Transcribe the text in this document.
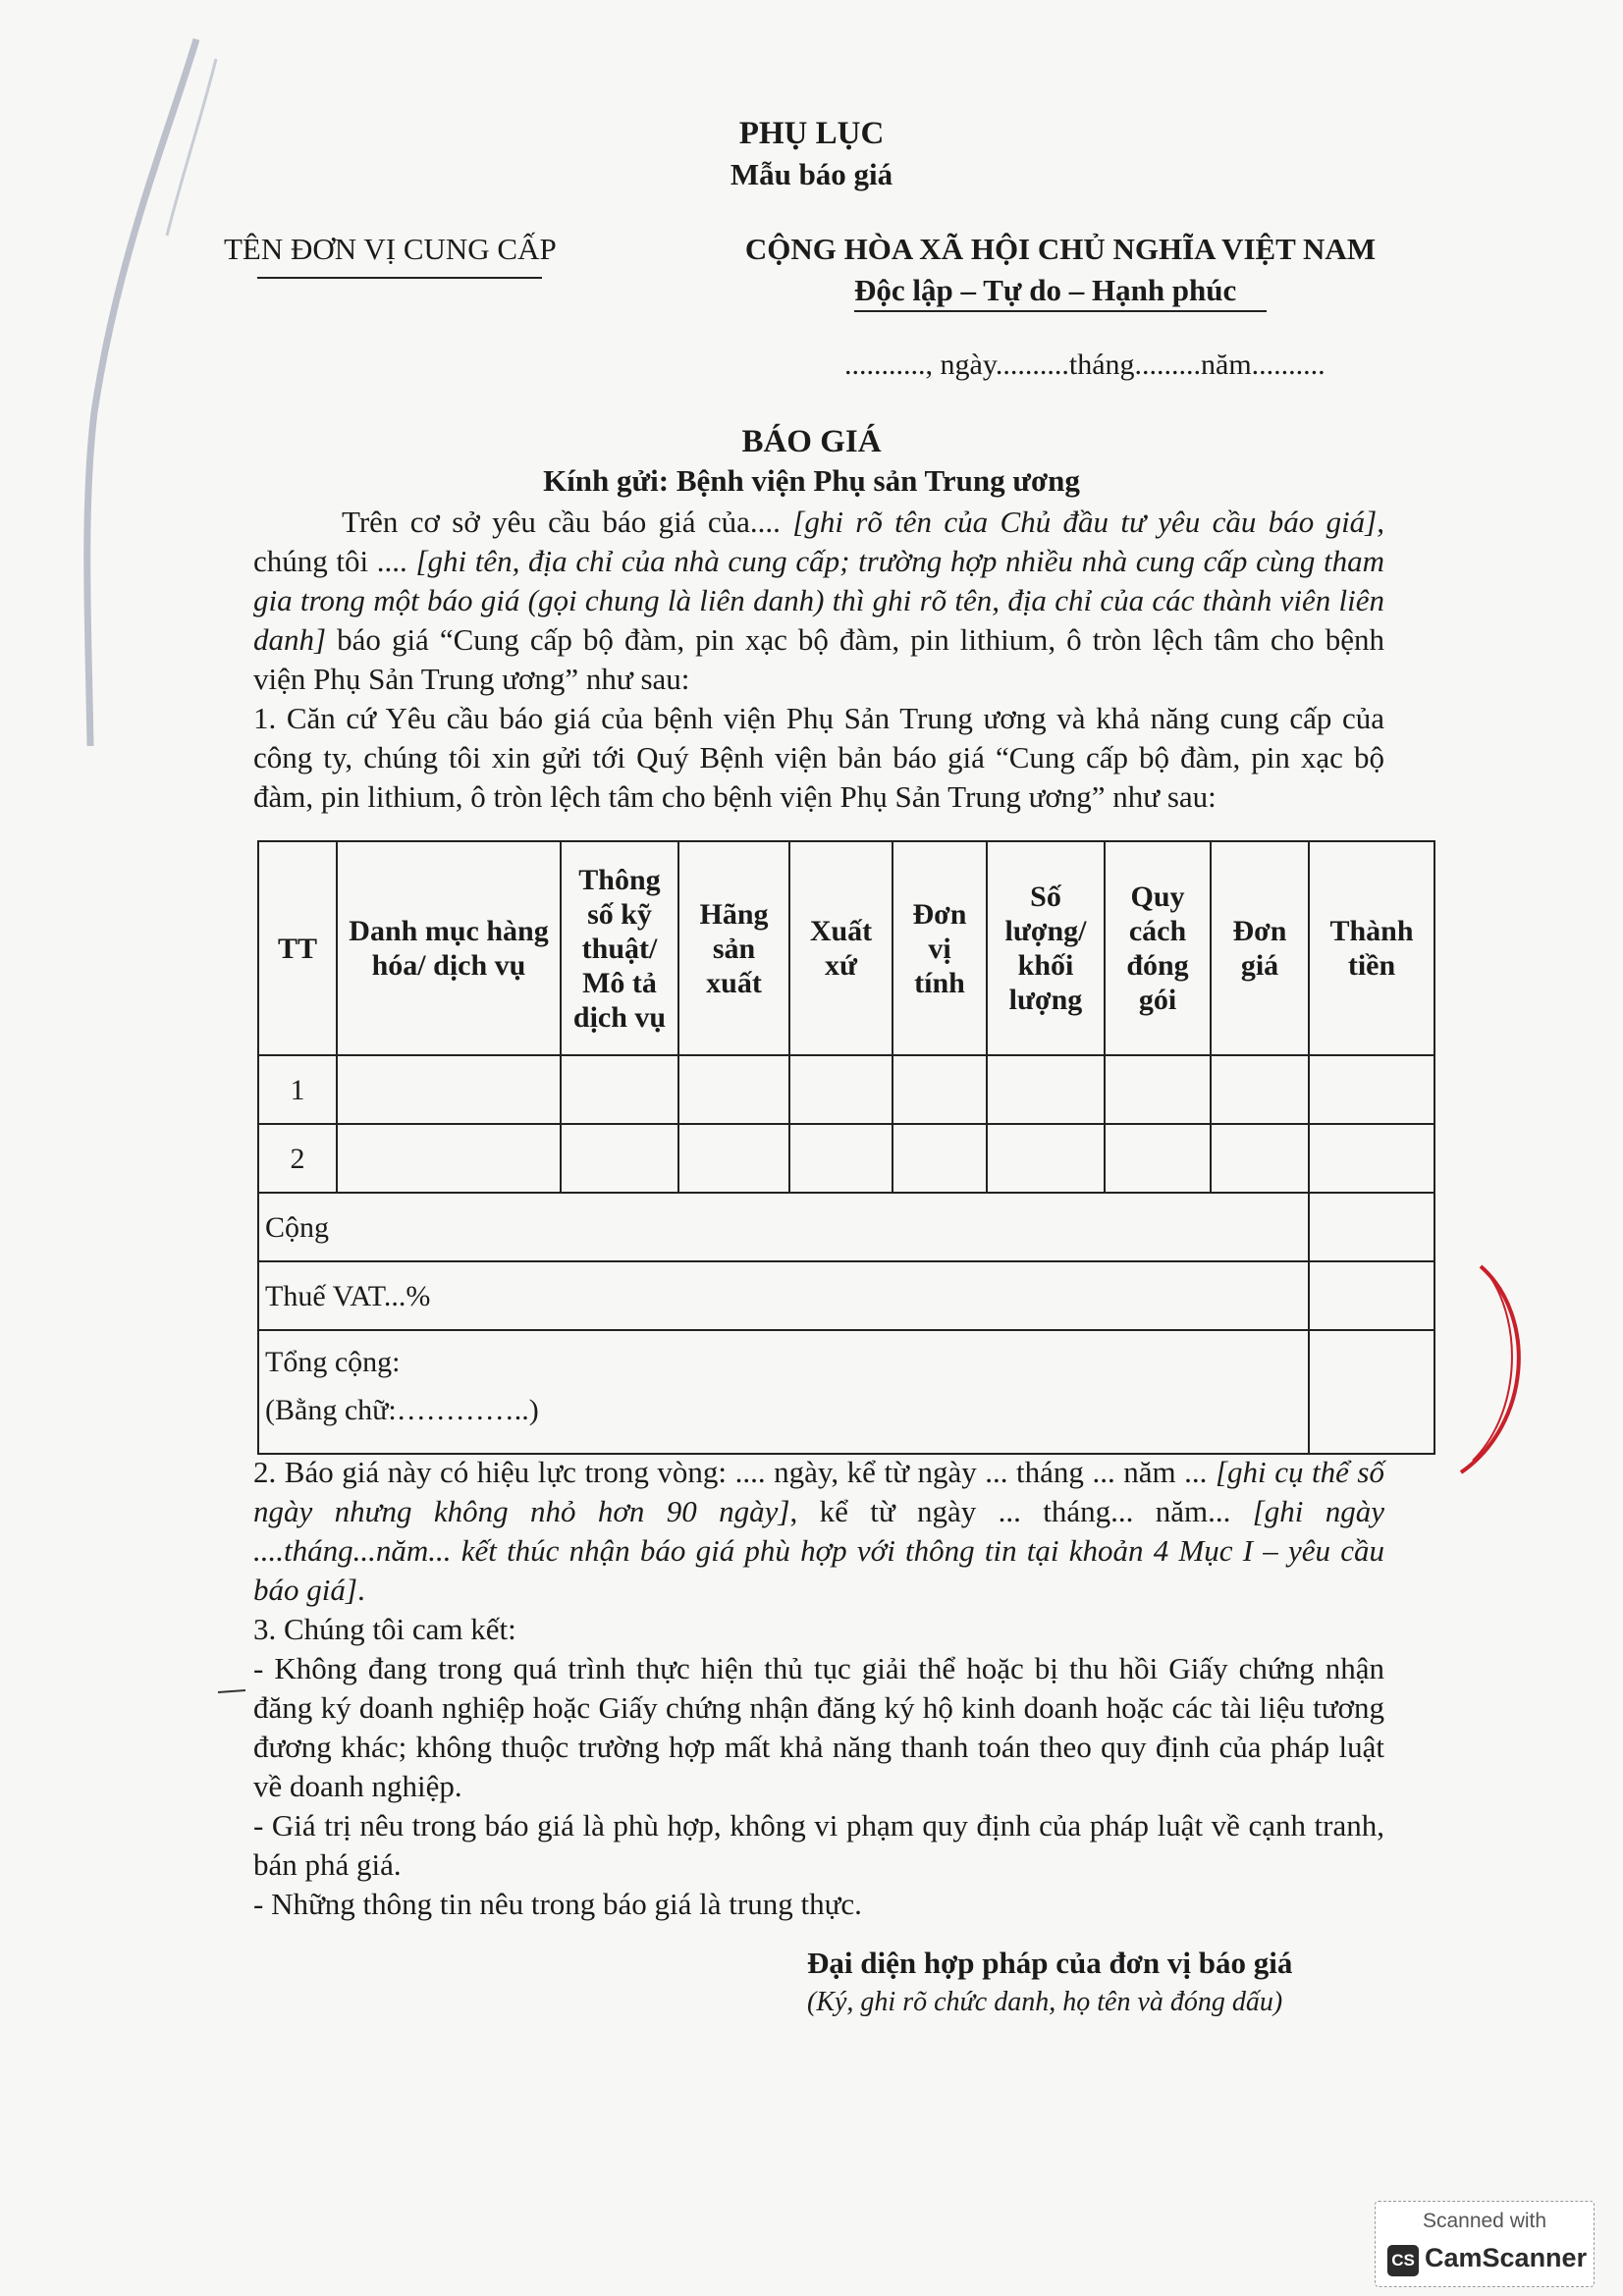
PHỤ LỤC
Mẫu báo giá
TÊN ĐƠN VỊ CUNG CẤP	CỘNG HÒA XÃ HỘI CHỦ NGHĨA VIỆT NAM
Độc lập – Tự do – Hạnh phúc
..........., ngày..........tháng.........năm..........
BÁO GIÁ
Kính gửi: Bệnh viện Phụ sản Trung ương
Trên cơ sở yêu cầu báo giá của.... [ghi rõ tên của Chủ đầu tư yêu cầu báo giá], chúng tôi .... [ghi tên, địa chỉ của nhà cung cấp; trường hợp nhiều nhà cung cấp cùng tham gia trong một báo giá (gọi chung là liên danh) thì ghi rõ tên, địa chỉ của các thành viên liên danh] báo giá “Cung cấp bộ đàm, pin xạc bộ đàm, pin lithium, ô tròn lệch tâm cho bệnh viện Phụ Sản Trung ương” như sau:
1. Căn cứ Yêu cầu báo giá của bệnh viện Phụ Sản Trung ương và khả năng cung cấp của công ty, chúng tôi xin gửi tới Quý Bệnh viện bản báo giá “Cung cấp bộ đàm, pin xạc bộ đàm, pin lithium, ô tròn lệch tâm cho bệnh viện Phụ Sản Trung ương” như sau:
TT	Danh mục hàng hóa/ dịch vụ	Thông số kỹ thuật/ Mô tả dịch vụ	Hãng sản xuất	Xuất xứ	Đơn vị tính	Số lượng/ khối lượng	Quy cách đóng gói	Đơn giá	Thành tiền
1									
2									
Cộng									
Thuế VAT...%									

Tổng cộng:
(Bằng chữ:…………..)									

2. Báo giá này có hiệu lực trong vòng: .... ngày, kể từ ngày ... tháng ... năm ... [ghi cụ thể số ngày nhưng không nhỏ hơn 90 ngày], kể từ ngày ... tháng... năm... [ghi ngày ....tháng...năm... kết thúc nhận báo giá phù hợp với thông tin tại khoản 4 Mục I – yêu cầu báo giá].
3. Chúng tôi cam kết:
- Không đang trong quá trình thực hiện thủ tục giải thể hoặc bị thu hồi Giấy chứng nhận đăng ký doanh nghiệp hoặc Giấy chứng nhận đăng ký hộ kinh doanh hoặc các tài liệu tương đương khác; không thuộc trường hợp mất khả năng thanh toán theo quy định của pháp luật về doanh nghiệp.
- Giá trị nêu trong báo giá là phù hợp, không vi phạm quy định của pháp luật về cạnh tranh, bán phá giá.
- Những thông tin nêu trong báo giá là trung thực.
Đại diện hợp pháp của đơn vị báo giá
(Ký, ghi rõ chức danh, họ tên và đóng dấu)
Scanned with
CS CamScanner
